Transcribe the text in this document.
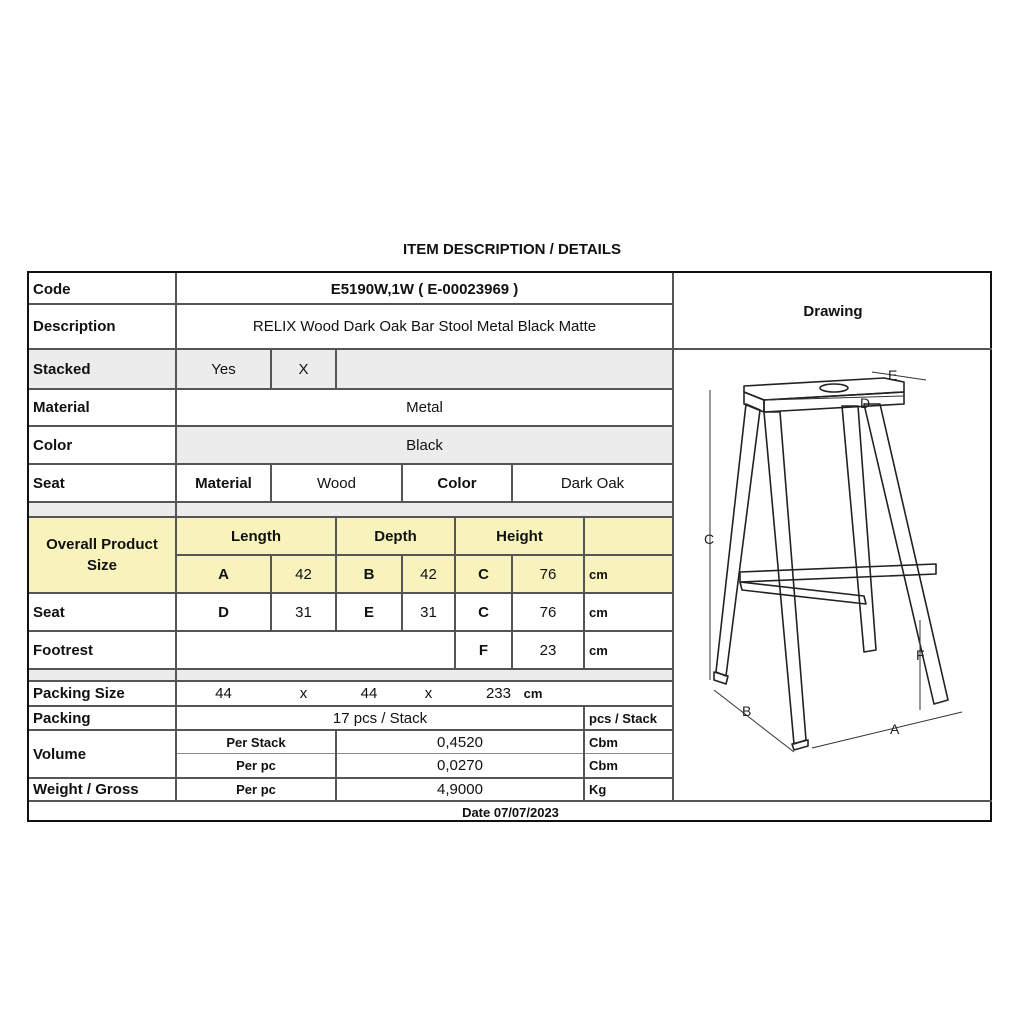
ITEM DESCRIPTION / DETAILS
Code	E5190W,1W ( E-00023969 )
Description	RELIX Wood Dark Oak Bar Stool Metal Black Matte
Drawing
Stacked	Yes	X
Material	Metal
Color	Black
Seat	Material	Wood	Color	Dark Oak
Overall Product Size
Length	Depth	Height
A	42	B	42	C	76	cm
Seat	D	31	E	31	C	76	cm
Footrest	F	23	cm
Packing Size	44	x	44	x	233 cm
Packing	17 pcs / Stack	pcs / Stack
Volume
Per Stack	0,4520	Cbm
Per pc	0,0270	Cbm
Weight / Gross	Per pc	4,9000	Kg
Date 07/07/2023
C
F
A
B
D
E
